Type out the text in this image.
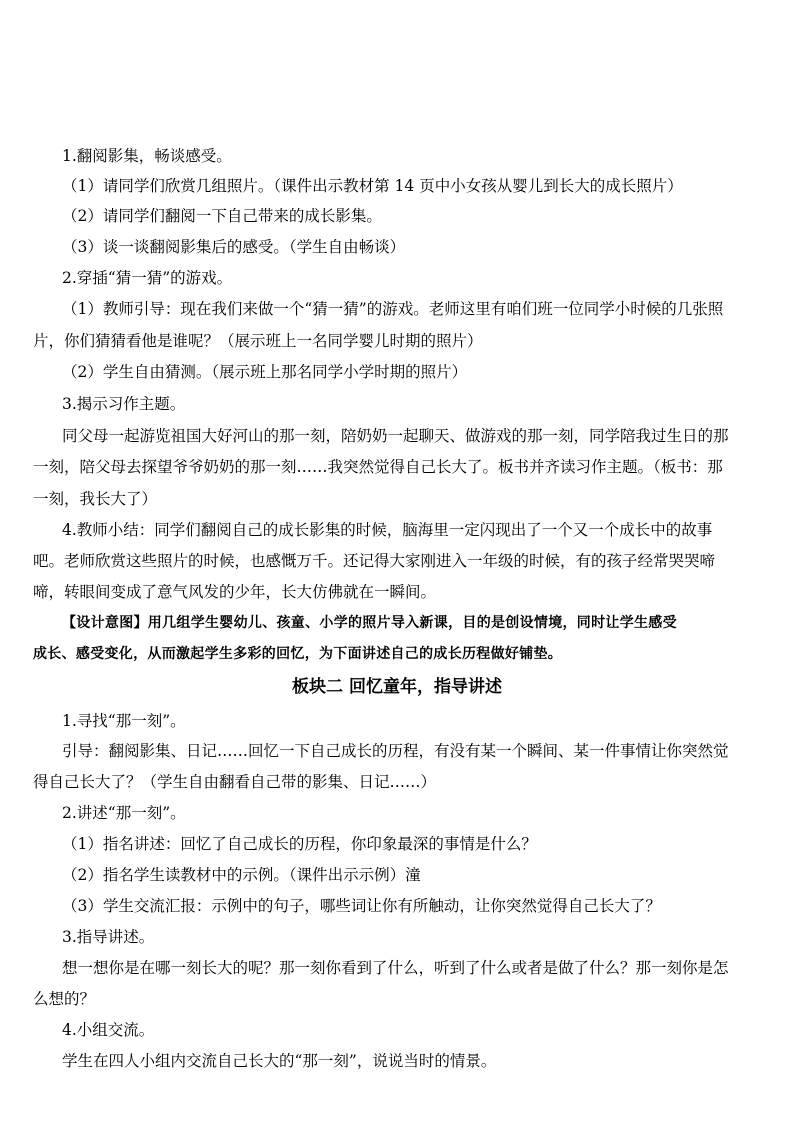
1.翻阅影集，畅谈感受。
（1）请同学们欣赏几组照片。（课件出示教材第 14 页中小女孩从婴儿到长大的成长照片）
（2）请同学们翻阅一下自己带来的成长影集。
（3）谈一谈翻阅影集后的感受。（学生自由畅谈）
2.穿插“猜一猜”的游戏。
（1）教师引导：现在我们来做一个“猜一猜”的游戏。老师这里有咱们班一位同学小时候的几张照
片，你们猜猜看他是谁呢？（展示班上一名同学婴儿时期的照片）
（2）学生自由猜测。（展示班上那名同学小学时期的照片）
3.揭示习作主题。
同父母一起游览祖国大好河山的那一刻，陪奶奶一起聊天、做游戏的那一刻，同学陪我过生日的那
一刻，陪父母去探望爷爷奶奶的那一刻……我突然觉得自己长大了。板书并齐读习作主题。（板书：那
一刻，我长大了）
4.教师小结：同学们翻阅自己的成长影集的时候，脑海里一定闪现出了一个又一个成长中的故事
吧。老师欣赏这些照片的时候，也感慨万千。还记得大家刚进入一年级的时候，有的孩子经常哭哭啼
啼，转眼间变成了意气风发的少年，长大仿佛就在一瞬间。
【设计意图】用几组学生婴幼儿、孩童、小学的照片导入新课，目的是创设情境，同时让学生感受
成长、感受变化，从而激起学生多彩的回忆，为下面讲述自己的成长历程做好铺垫。
板块二 回忆童年，指导讲述
1.寻找“那一刻”。
引导：翻阅影集、日记……回忆一下自己成长的历程，有没有某一个瞬间、某一件事情让你突然觉
得自己长大了？（学生自由翻看自己带的影集、日记……）
2.讲述“那一刻”。
（1）指名讲述：回忆了自己成长的历程，你印象最深的事情是什么？
（2）指名学生读教材中的示例。（课件出示示例）潼
（3）学生交流汇报：示例中的句子，哪些词让你有所触动，让你突然觉得自己长大了？
3.指导讲述。
想一想你是在哪一刻长大的呢？那一刻你看到了什么，听到了什么或者是做了什么？那一刻你是怎
么想的？
4.小组交流。
学生在四人小组内交流自己长大的“那一刻”，说说当时的情景。
